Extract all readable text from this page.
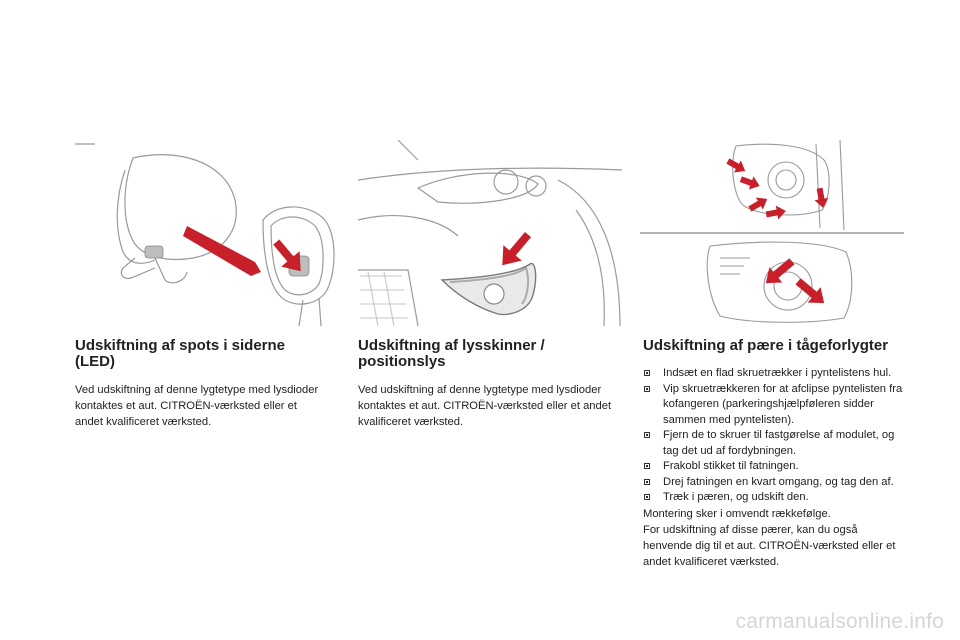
Udskiftning af spots i siderne (LED)

Ved udskiftning af denne lygtetype med lysdioder kontaktes et aut. CITROËN-værksted eller et andet kvalificeret værksted.

Udskiftning af lysskinner / positionslys

Ved udskiftning af denne lygtetype med lysdioder kontaktes et aut. CITROËN-værksted eller et andet kvalificeret værksted.

Udskiftning af pære i tågeforlygter
Indsæt en flad skruetrækker i pyntelistens hul.
Vip skruetrækkeren for at afclipse pyntelisten fra kofangeren (parkeringshjælpføleren sidder sammen med pyntelisten).
Fjern de to skruer til fastgørelse af modulet, og tag det ud af fordybningen.
Frakobl stikket til fatningen.
Drej fatningen en kvart omgang, og tag den af.
Træk i pæren, og udskift den.

Montering sker i omvendt rækkefølge.

For udskiftning af disse pærer, kan du også henvende dig til et aut. CITROËN-værksted eller et andet kvalificeret værksted.

carmanualsonline.info
